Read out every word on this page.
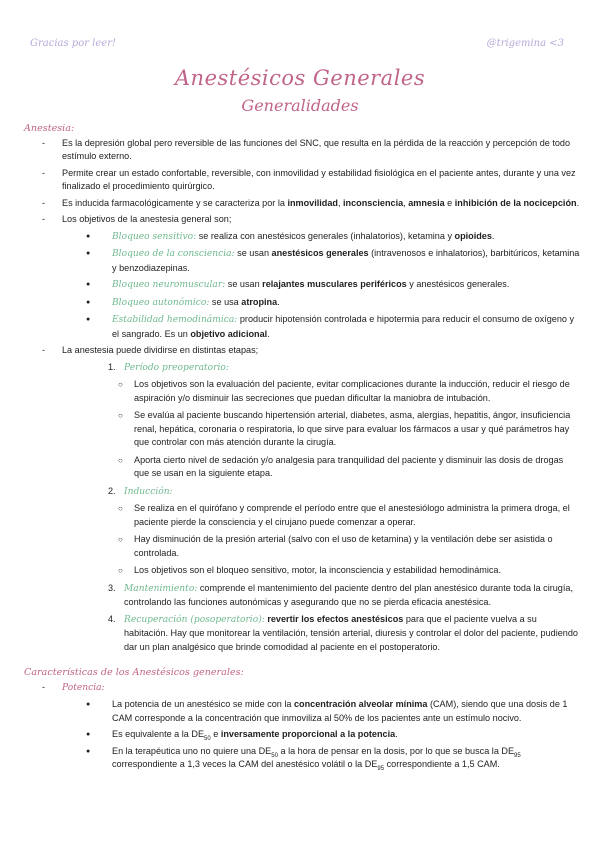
Gracias por leer!	@trigemina <3
Anestésicos Generales
Generalidades
Anestesia:
- Es la depresión global pero reversible de las funciones del SNC, que resulta en la pérdida de la reacción y percepción de todo estímulo externo.
- Permite crear un estado confortable, reversible, con inmovilidad y estabilidad fisiológica en el paciente antes, durante y una vez finalizado el procedimiento quirúrgico.
- Es inducida farmacológicamente y se caracteriza por la inmovilidad, inconsciencia, amnesia e inhibición de la nocicepción.
- Los objetivos de la anestesia general son;
● Bloqueo sensitivo: se realiza con anestésicos generales (inhalatorios), ketamina y opioides.
● Bloqueo de la consciencia: se usan anestésicos generales (intravenosos e inhalatorios), barbitúricos, ketamina y benzodiazepinas.
● Bloqueo neuromuscular: se usan relajantes musculares periféricos y anestésicos generales.
● Bloqueo autonómico: se usa atropina.
● Estabilidad hemodinámica: producir hipotensión controlada e hipotermia para reducir el consumo de oxígeno y el sangrado. Es un objetivo adicional.
- La anestesia puede dividirse en distintas etapas;
1. Período preoperatorio:
○ Los objetivos son la evaluación del paciente, evitar complicaciones durante la inducción, reducir el riesgo de aspiración y/o disminuir las secreciones que puedan dificultar la maniobra de intubación.
○ Se evalúa al paciente buscando hipertensión arterial, diabetes, asma, alergias, hepatitis, ángor, insuficiencia renal, hepática, coronaria o respiratoria, lo que sirve para evaluar los fármacos a usar y qué parámetros hay que controlar con más atención durante la cirugía.
○ Aporta cierto nivel de sedación y/o analgesia para tranquilidad del paciente y disminuir las dosis de drogas que se usan en la siguiente etapa.
2. Inducción:
○ Se realiza en el quirófano y comprende el período entre que el anestesiólogo administra la primera droga, el paciente pierde la consciencia y el cirujano puede comenzar a operar.
○ Hay disminución de la presión arterial (salvo con el uso de ketamina) y la ventilación debe ser asistida o controlada.
○ Los objetivos son el bloqueo sensitivo, motor, la inconsciencia y estabilidad hemodinámica.
3. Mantenimiento: comprende el mantenimiento del paciente dentro del plan anestésico durante toda la cirugía, controlando las funciones autonómicas y asegurando que no se pierda eficacia anestésica.
4. Recuperación (posoperatorio): revertir los efectos anestésicos para que el paciente vuelva a su habitación. Hay que monitorear la ventilación, tensión arterial, diuresis y controlar el dolor del paciente, pudiendo dar un plan analgésico que brinde comodidad al paciente en el postoperatorio.
Características de los Anestésicos generales:
- Potencia:
● La potencia de un anestésico se mide con la concentración alveolar mínima (CAM), siendo que una dosis de 1 CAM corresponde a la concentración que inmoviliza al 50% de los pacientes ante un estímulo nocivo.
● Es equivalente a la $DE_{50}$ e inversamente proporcional a la potencia.
● En la terapéutica uno no quiere una $DE_{50}$ a la hora de pensar en la dosis, por lo que se busca la $DE_{95}$ correspondiente a 1,3 veces la CAM del anestésico volátil o la $DE_{95}$ correspondiente a 1,5 CAM.
